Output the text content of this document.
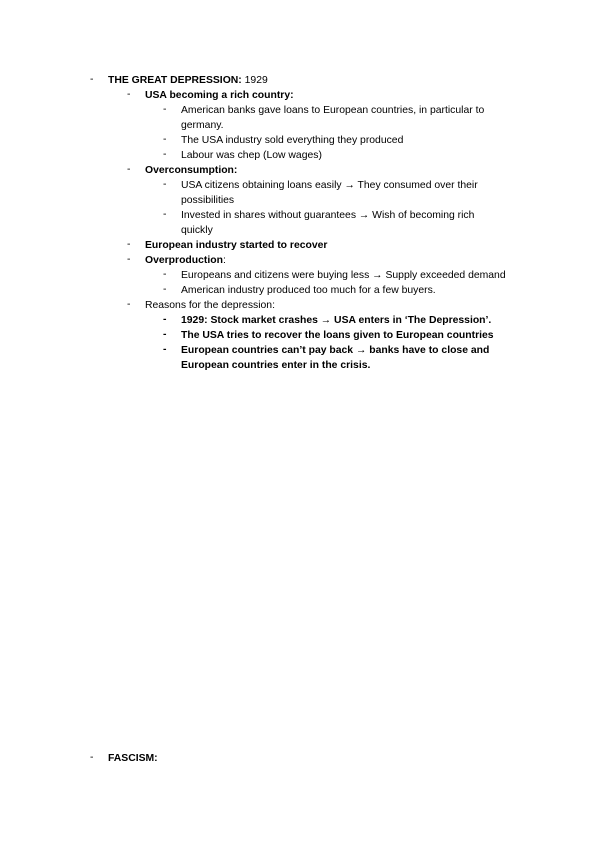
-	THE GREAT DEPRESSION: 1929
-	USA becoming a rich country:
-	American banks gave loans to European countries, in particular to
germany.
-	The USA industry sold everything they produced
-	Labour was chep (Low wages)
-	Overconsumption:
-	USA citizens obtaining loans easily → They consumed over their
possibilities
-	Invested in shares without guarantees → Wish of becoming rich
quickly
-	European industry started to recover
-	Overproduction:
-	Europeans and citizens were buying less → Supply exceeded demand
-	American industry produced too much for a few buyers.
-	Reasons for the depression:
-	1929: Stock market crashes → USA enters in ‘The Depression’.
-	The USA tries to recover the loans given to European countries
-	European countries can’t pay back → banks have to close and
European countries enter in the crisis.
-	FASCISM:
